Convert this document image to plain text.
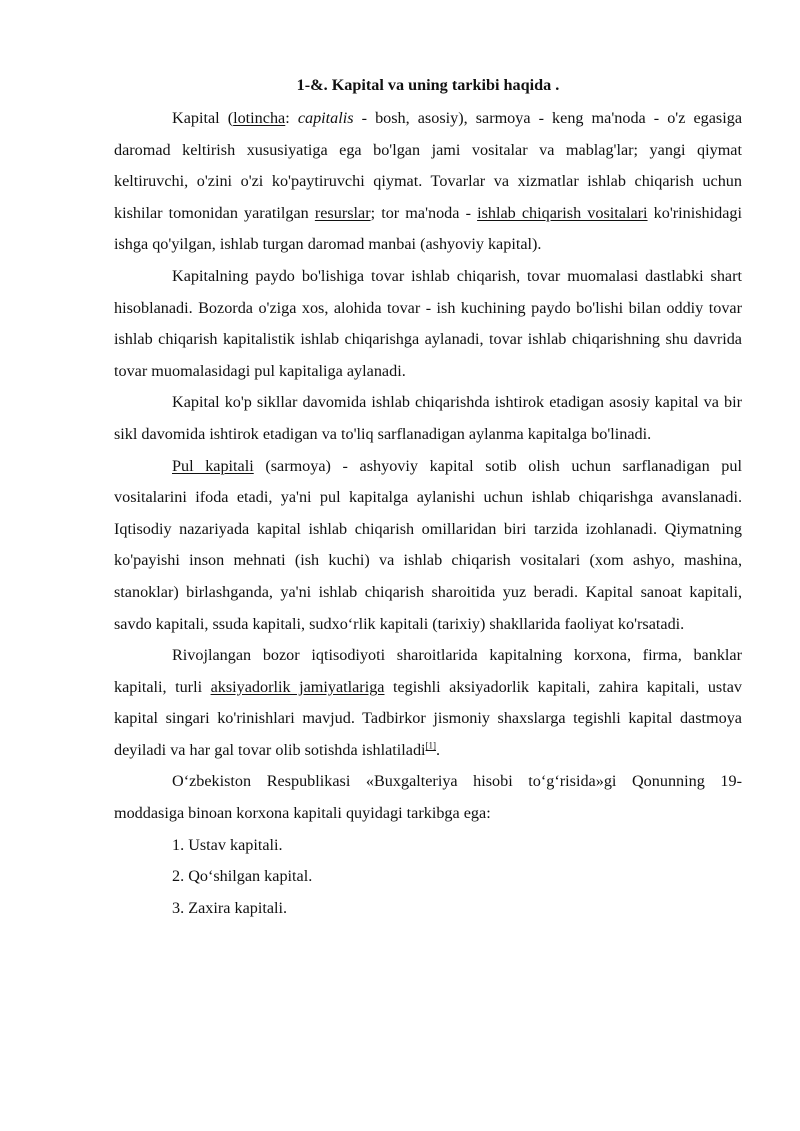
1-&. Kapital va uning tarkibi haqida .

Kapital (lotincha: capitalis - bosh, asosiy), sarmoya - keng ma'noda - o'z egasiga daromad keltirish xususiyatiga ega bo'lgan jami vositalar va mablag'lar; yangi qiymat keltiruvchi, o'zini o'zi ko'paytiruvchi qiymat. Tovarlar va xizmatlar ishlab chiqarish uchun kishilar tomonidan yaratilgan resurslar; tor ma'noda - ishlab chiqarish vositalari ko'rinishidagi ishga qo'yilgan, ishlab turgan daromad manbai (ashyoviy kapital).

Kapitalning paydo bo'lishiga tovar ishlab chiqarish, tovar muomalasi dastlabki shart hisoblanadi. Bozorda o'ziga xos, alohida tovar - ish kuchining paydo bo'lishi bilan oddiy tovar ishlab chiqarish kapitalistik ishlab chiqarishga aylanadi, tovar ishlab chiqarishning shu davrida tovar muomalasidagi pul kapitaliga aylanadi.

Kapital ko'p sikllar davomida ishlab chiqarishda ishtirok etadigan asosiy kapital va bir sikl davomida ishtirok etadigan va to'liq sarflanadigan aylanma kapitalga bo'linadi.

Pul kapitali (sarmoya) - ashyoviy kapital sotib olish uchun sarflanadigan pul vositalarini ifoda etadi, ya'ni pul kapitalga aylanishi uchun ishlab chiqarishga avanslanadi. Iqtisodiy nazariyada kapital ishlab chiqarish omillaridan biri tarzida izohlanadi. Qiymatning ko'payishi inson mehnati (ish kuchi) va ishlab chiqarish vositalari (xom ashyo, mashina, stanoklar) birlashganda, ya'ni ishlab chiqarish sharoitida yuz beradi. Kapital sanoat kapitali, savdo kapitali, ssuda kapitali, sudxo‘rlik kapitali (tarixiy) shakllarida faoliyat ko'rsatadi.

Rivojlangan bozor iqtisodiyoti sharoitlarida kapitalning korxona, firma, banklar kapitali, turli aksiyadorlik jamiyatlariga tegishli aksiyadorlik kapitali, zahira kapitali, ustav kapital singari ko'rinishlari mavjud. Tadbirkor jismoniy shaxslarga tegishli kapital dastmoya deyiladi va har gal tovar olib sotishda ishlatiladi[1].

O‘zbekiston Respublikasi «Buxgalteriya hisobi to‘g‘risida»gi Qonunning 19-moddasiga binoan korxona kapitali quyidagi tarkibga ega:

1. Ustav kapitali.

2. Qo‘shilgan kapital.

3. Zaxira kapitali.
